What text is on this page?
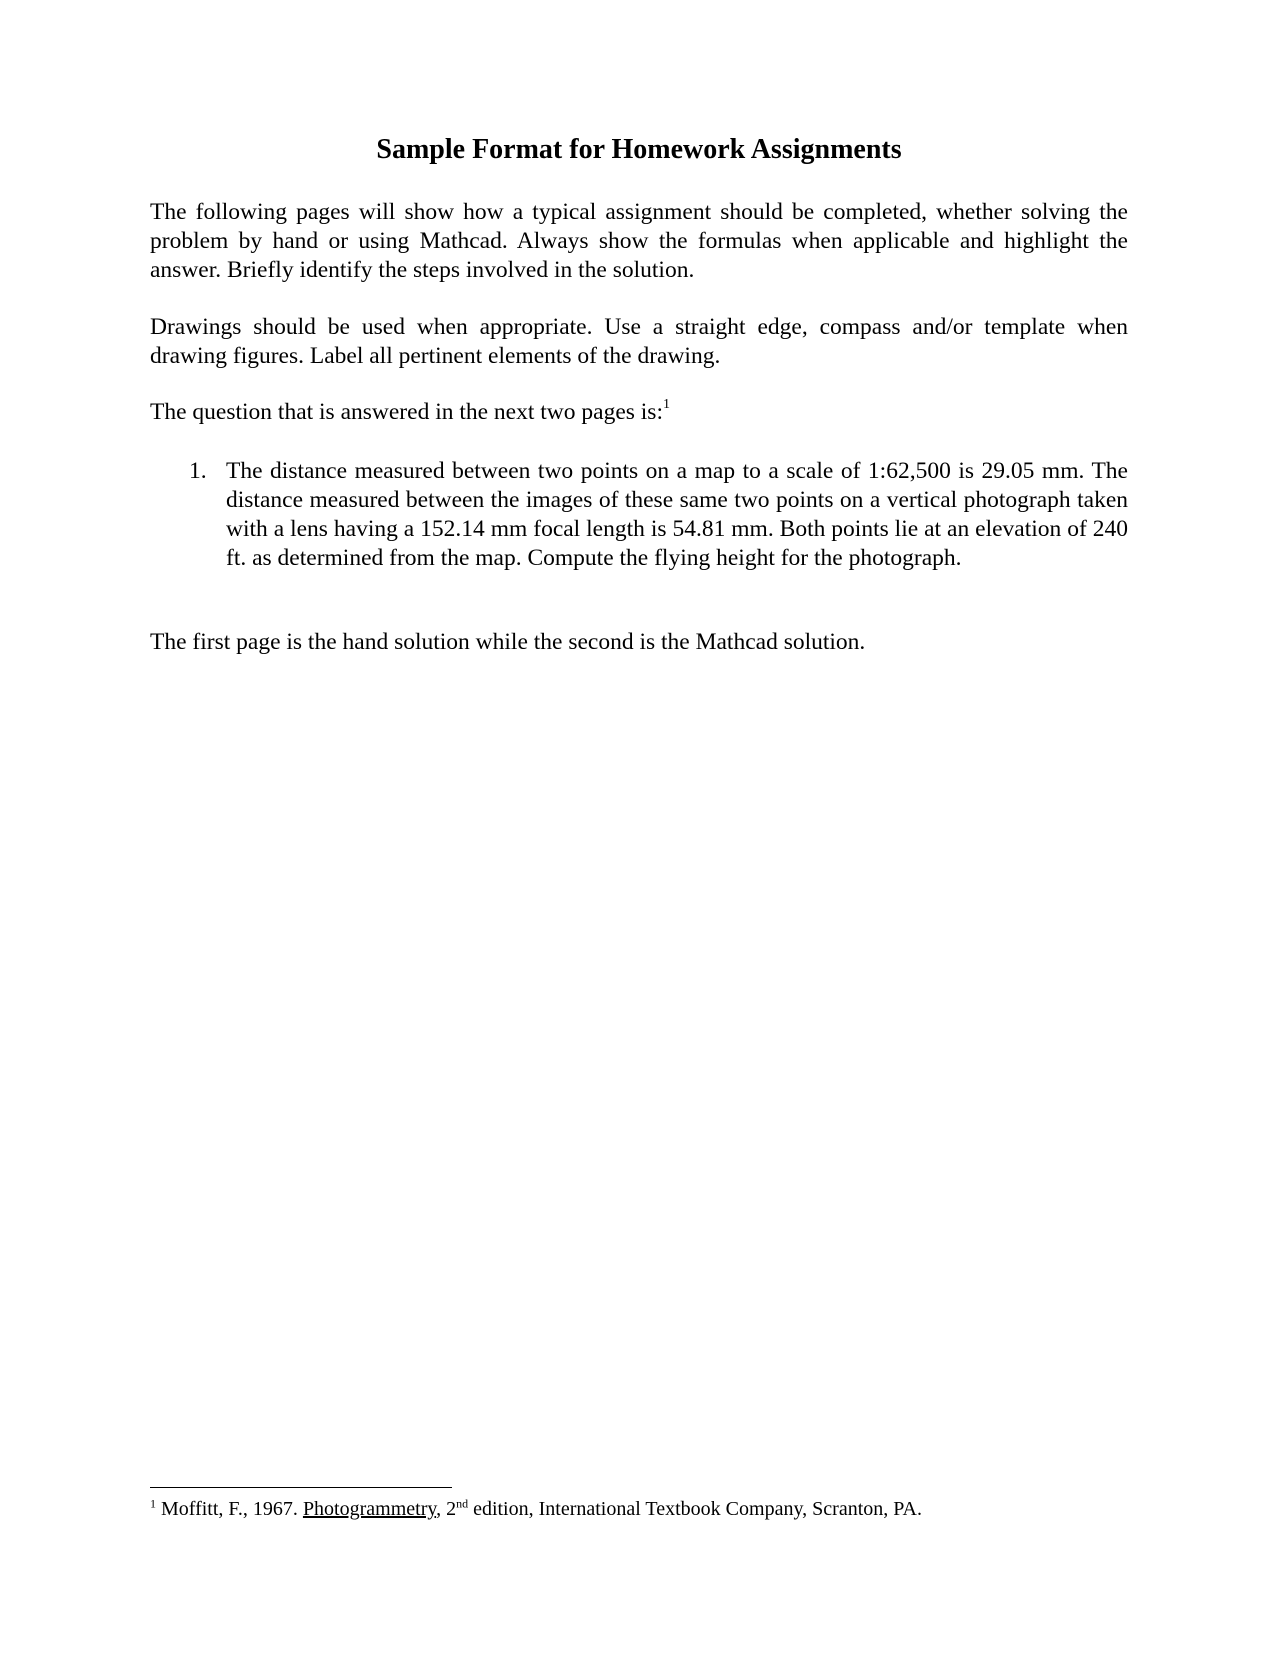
Sample Format for Homework Assignments

The following pages will show how a typical assignment should be completed, whether solving the problem by hand or using Mathcad. Always show the formulas when applicable and highlight the answer. Briefly identify the steps involved in the solution.

Drawings should be used when appropriate. Use a straight edge, compass and/or template when drawing figures. Label all pertinent elements of the drawing.

The question that is answered in the next two pages is:$^1$

1. The distance measured between two points on a map to a scale of 1:62,500 is 29.05 mm. The distance measured between the images of these same two points on a vertical photograph taken with a lens having a 152.14 mm focal length is 54.81 mm. Both points lie at an elevation of 240 ft. as determined from the map. Compute the flying height for the photograph.

The first page is the hand solution while the second is the Mathcad solution.

$^1$ Moffitt, F., 1967. Photogrammetry, 2nd edition, International Textbook Company, Scranton, PA.
